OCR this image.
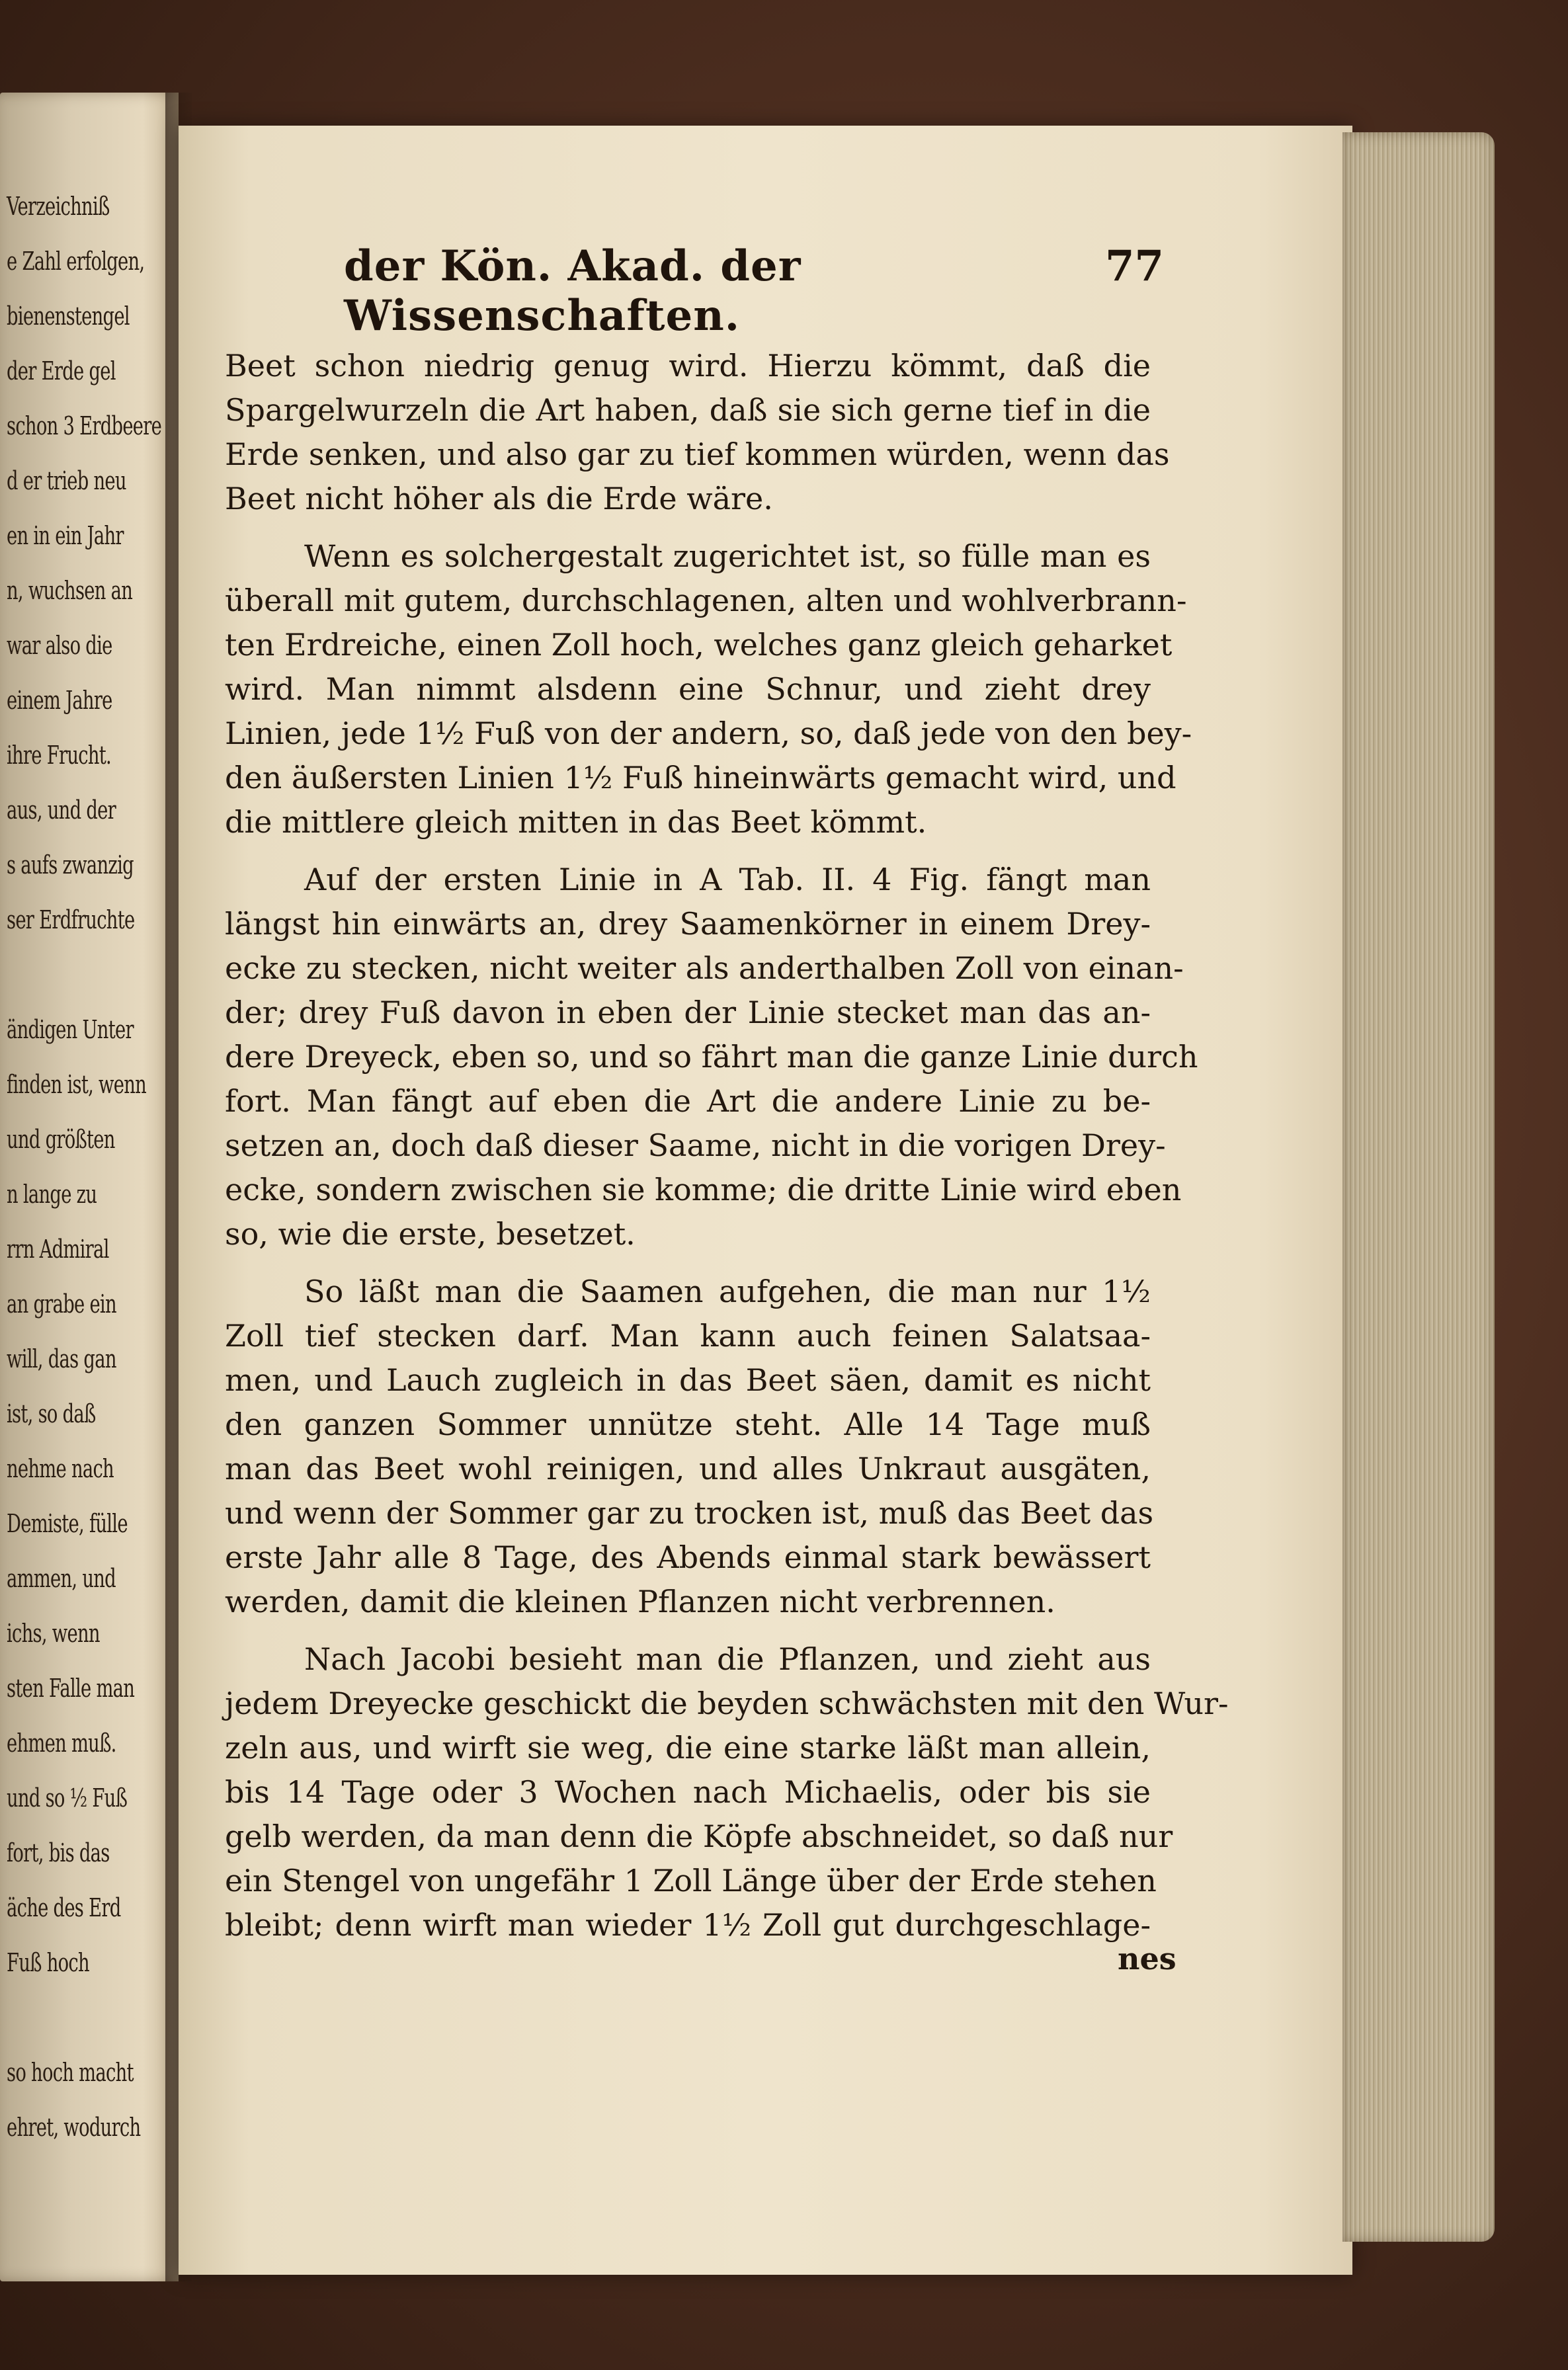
Verzeichniß
e Zahl erfolgen,
bienenstengel
der Erde gel
schon 3 Erdbeere
d er trieb neu
en in ein Jahr
n, wuchsen an
war also die
einem Jahre
ihre Frucht.
aus, und der
s aufs zwanzig
ser Erdfruchte
ändigen Unter
finden ist, wenn
und größten
n lange zu
rrn Admiral
an grabe ein
will, das gan
ist, so daß
nehme nach
Demiste, fülle
ammen, und
ichs, wenn
sten Falle man
ehmen muß.
und so ½ Fuß
fort, bis das
äche des Erd
Fuß hoch
so hoch macht
ehret, wodurch
der Kön. Akad. der Wissenschaften.
77
Beet schon niedrig genug wird. Hierzu kömmt, daß die
Spargelwurzeln die Art haben, daß sie sich gerne tief in die
Erde senken, und also gar zu tief kommen würden, wenn das
Beet nicht höher als die Erde wäre.
Wenn es solchergestalt zugerichtet ist, so fülle man es
überall mit gutem, durchschlagenen, alten und wohlverbrann-
ten Erdreiche, einen Zoll hoch, welches ganz gleich geharket
wird. Man nimmt alsdenn eine Schnur, und zieht drey
Linien, jede 1½ Fuß von der andern, so, daß jede von den bey-
den äußersten Linien 1½ Fuß hineinwärts gemacht wird, und
die mittlere gleich mitten in das Beet kömmt.
Auf der ersten Linie in A Tab. II. 4 Fig. fängt man
längst hin einwärts an, drey Saamenkörner in einem Drey-
ecke zu stecken, nicht weiter als anderthalben Zoll von einan-
der; drey Fuß davon in eben der Linie stecket man das an-
dere Dreyeck, eben so, und so fährt man die ganze Linie durch
fort. Man fängt auf eben die Art die andere Linie zu be-
setzen an, doch daß dieser Saame, nicht in die vorigen Drey-
ecke, sondern zwischen sie komme; die dritte Linie wird eben
so, wie die erste, besetzet.
So läßt man die Saamen aufgehen, die man nur 1½
Zoll tief stecken darf. Man kann auch feinen Salatsaa-
men, und Lauch zugleich in das Beet säen, damit es nicht
den ganzen Sommer unnütze steht. Alle 14 Tage muß
man das Beet wohl reinigen, und alles Unkraut ausgäten,
und wenn der Sommer gar zu trocken ist, muß das Beet das
erste Jahr alle 8 Tage, des Abends einmal stark bewässert
werden, damit die kleinen Pflanzen nicht verbrennen.
Nach Jacobi besieht man die Pflanzen, und zieht aus
jedem Dreyecke geschickt die beyden schwächsten mit den Wur-
zeln aus, und wirft sie weg, die eine starke läßt man allein,
bis 14 Tage oder 3 Wochen nach Michaelis, oder bis sie
gelb werden, da man denn die Köpfe abschneidet, so daß nur
ein Stengel von ungefähr 1 Zoll Länge über der Erde stehen
bleibt; denn wirft man wieder 1½ Zoll gut durchgeschlage-
nes
